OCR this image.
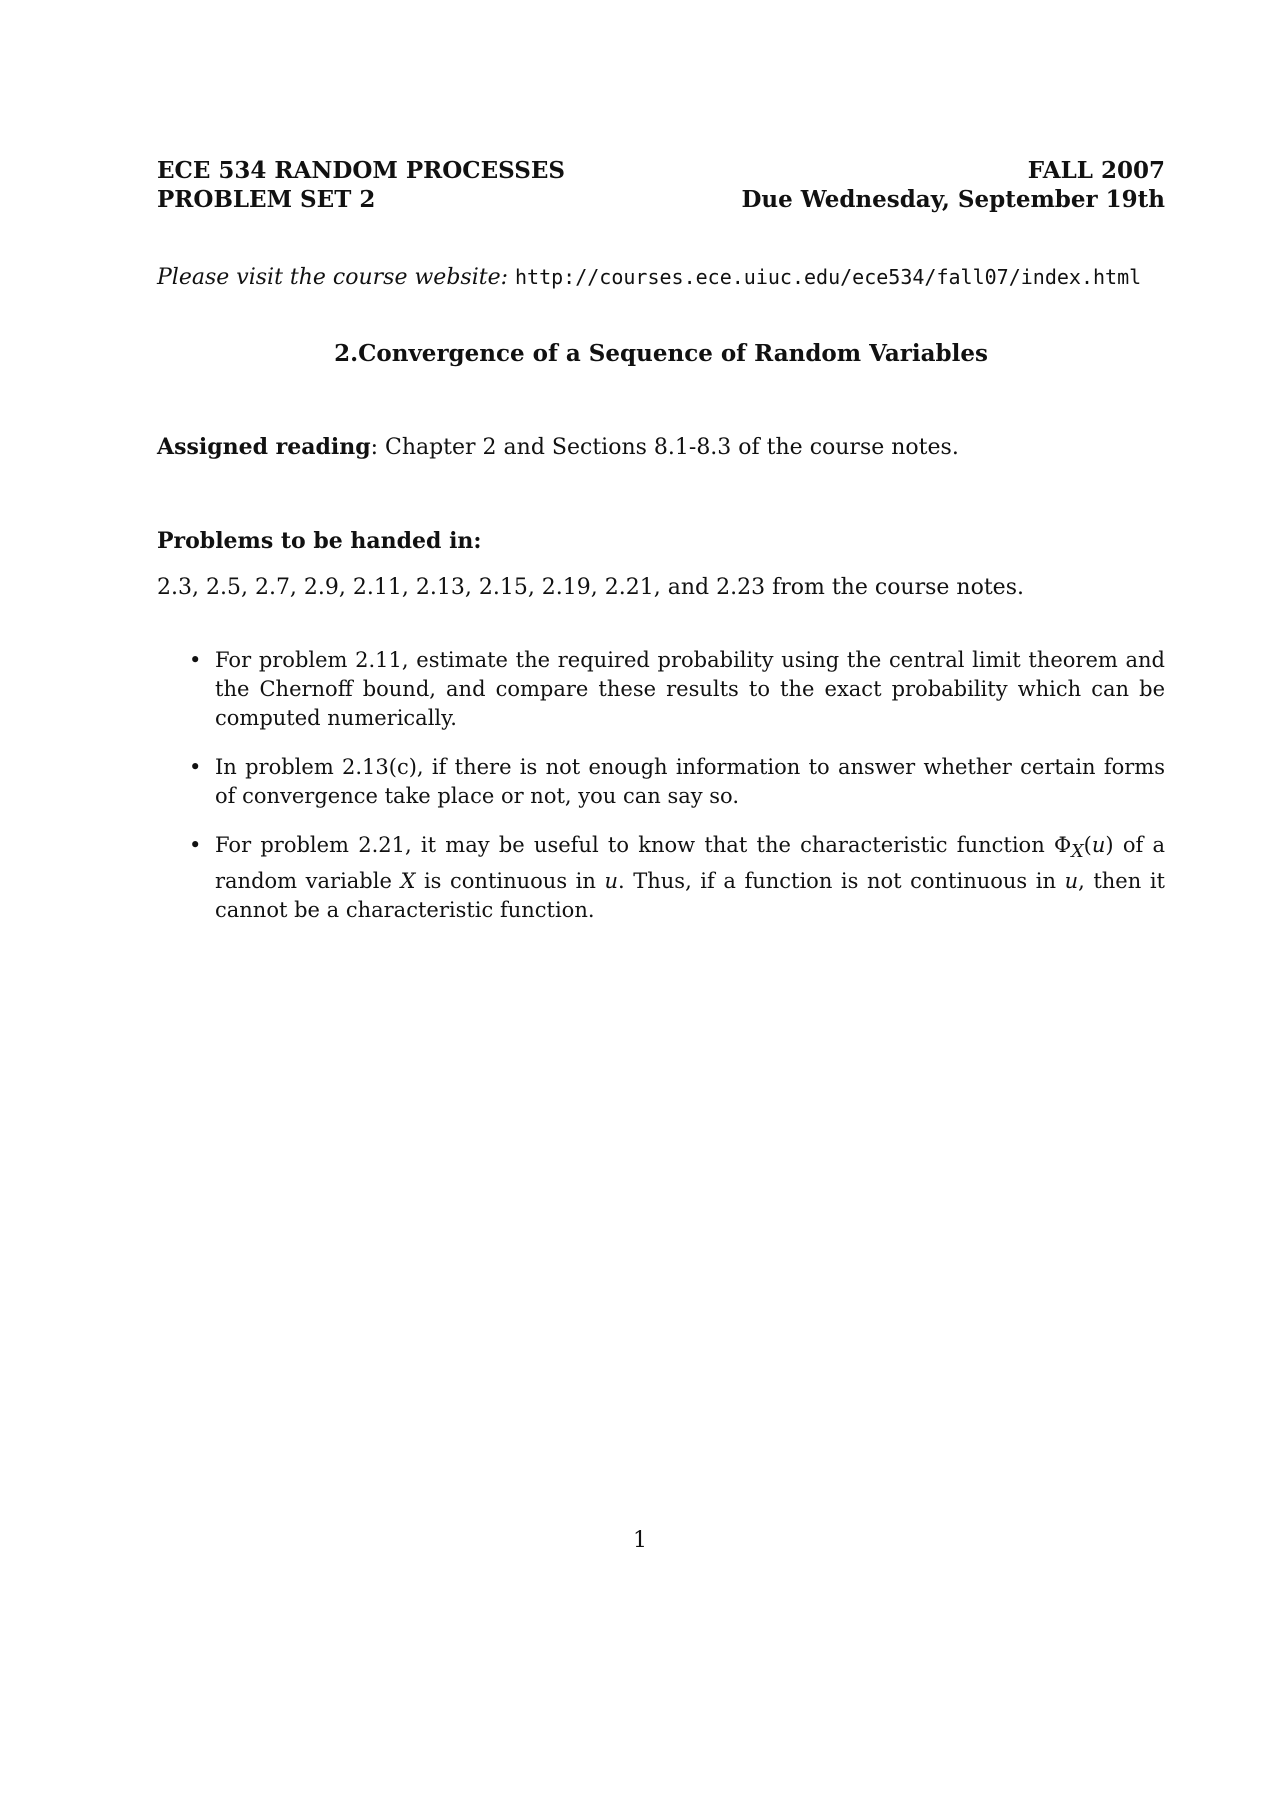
ECE 534 RANDOM PROCESSES
PROBLEM SET 2
FALL 2007
Due Wednesday, September 19th
Please visit the course website: http://courses.ece.uiuc.edu/ece534/fall07/index.html
2.Convergence of a Sequence of Random Variables
Assigned reading: Chapter 2 and Sections 8.1-8.3 of the course notes.
Problems to be handed in:
2.3, 2.5, 2.7, 2.9, 2.11, 2.13, 2.15, 2.19, 2.21, and 2.23 from the course notes.
• For problem 2.11, estimate the required probability using the central limit theorem and the Chernoff bound, and compare these results to the exact probability which can be computed numerically.
• In problem 2.13(c), if there is not enough information to answer whether certain forms of convergence take place or not, you can say so.
• For problem 2.21, it may be useful to know that the characteristic function $\Phi_X(u)$ of a random variable X is continuous in u. Thus, if a function is not continuous in u, then it cannot be a characteristic function.
1
